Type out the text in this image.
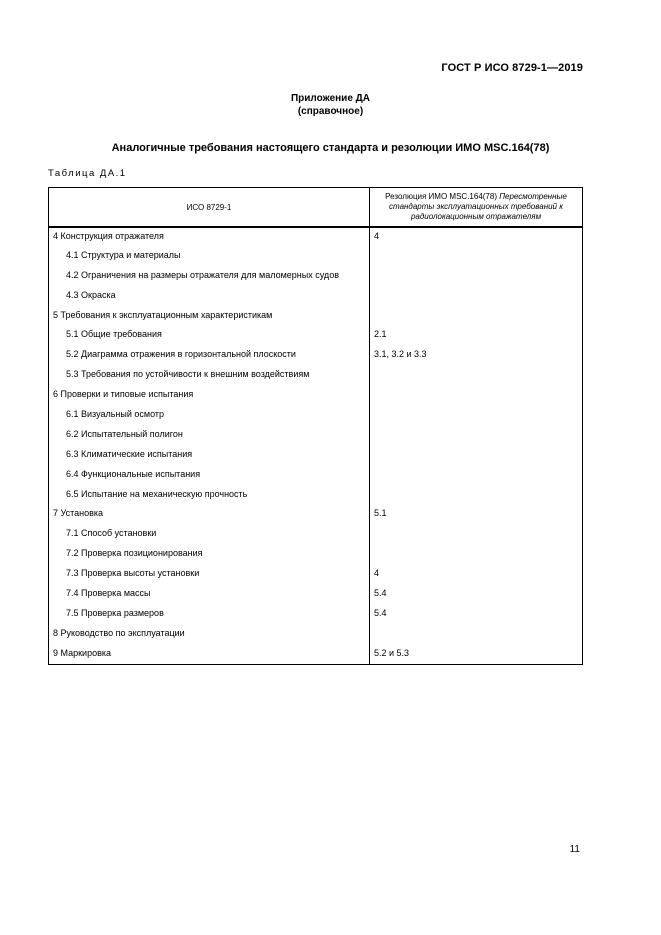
ГОСТ Р ИСО 8729-1—2019
Приложение ДА
(справочное)
Аналогичные требования настоящего стандарта и резолюции ИМО MSC.164(78)
Таблица ДА.1
ИСО 8729-1	Резолюция ИМО MSC.164(78) Пересмотренные стандарты эксплуатационных требований к радиолокационным отражателям
4 Конструкция отражателя	4
4.1 Структура и материалы	
4.2 Ограничения на размеры отражателя для маломерных судов	
4.3 Окраска	
5 Требования к эксплуатационным характеристикам	
5.1 Общие требования	2.1
5.2 Диаграмма отражения в горизонтальной плоскости	3.1, 3.2 и 3.3
5.3 Требования по устойчивости к внешним воздействиям	
6 Проверки и типовые испытания	
6.1 Визуальный осмотр	
6.2 Испытательный полигон	
6.3 Климатические испытания	
6.4 Функциональные испытания	
6.5 Испытание на механическую прочность	
7 Установка	5.1
7.1 Способ установки	
7.2 Проверка позиционирования	
7.3 Проверка высоты установки	4
7.4 Проверка массы	5.4
7.5 Проверка размеров	5.4
8 Руководство по эксплуатации	
9 Маркировка	5.2 и 5.3
11
